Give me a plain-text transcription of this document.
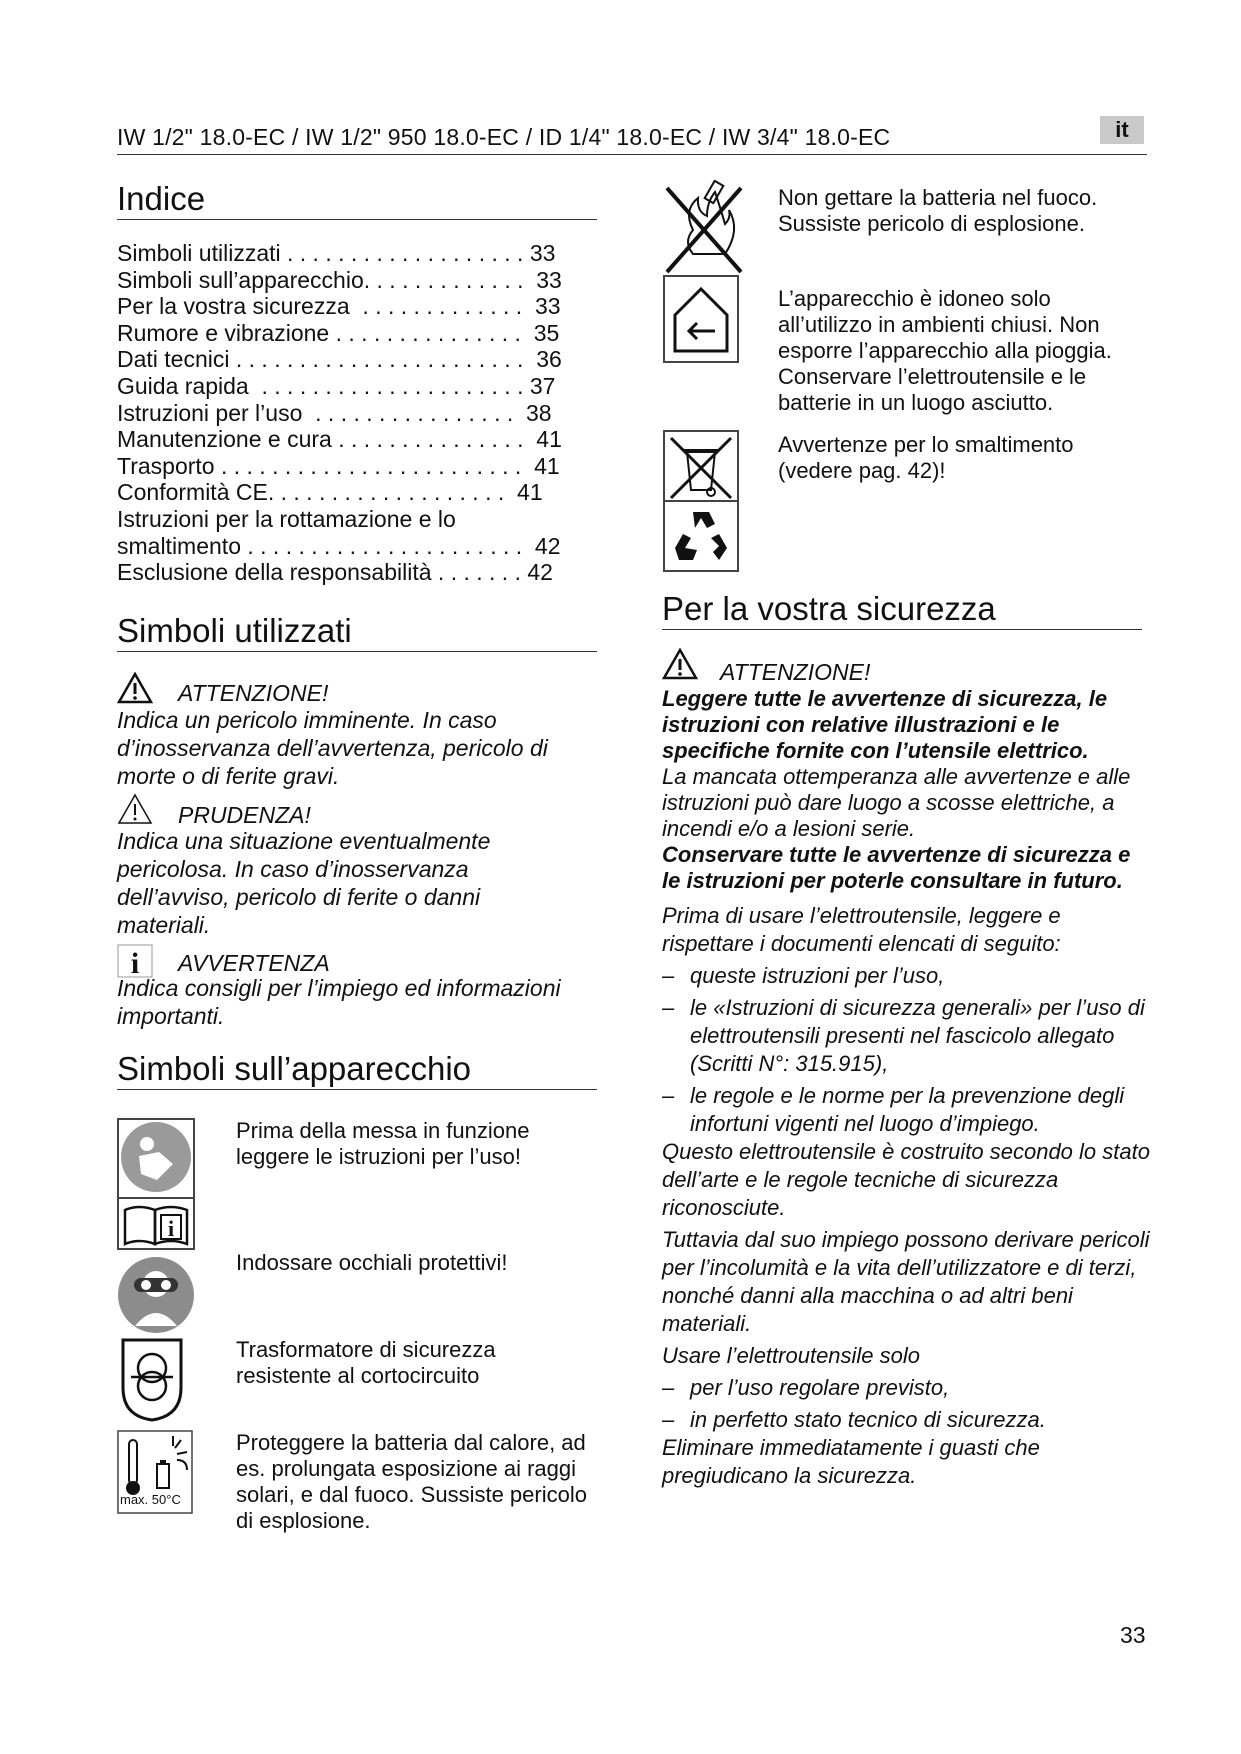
IW 1/2" 18.0-EC / IW 1/2" 950 18.0-EC / ID 1/4" 18.0-EC / IW 3/4" 18.0-EC	it
Indice
Simboli utilizzati . . . . . . . . . . . . . . . . . . . 33
Simboli sull’apparecchio. . . . . . . . . . . . .  33
Per la vostra sicurezza  . . . . . . . . . . . . .  33
Rumore e vibrazione . . . . . . . . . . . . . . .  35
Dati tecnici . . . . . . . . . . . . . . . . . . . . . . .  36
Guida rapida  . . . . . . . . . . . . . . . . . . . . . 37
Istruzioni per l’uso  . . . . . . . . . . . . . . . .  38
Manutenzione e cura . . . . . . . . . . . . . . .  41
Trasporto . . . . . . . . . . . . . . . . . . . . . . . .  41
Conformità CE. . . . . . . . . . . . . . . . . . .  41
Istruzioni per la rottamazione e lo
smaltimento . . . . . . . . . . . . . . . . . . . . . .  42
Esclusione della responsabilità . . . . . . . 42
Simboli utilizzati
ATTENZIONE!
Indica un pericolo imminente. In caso d’inosservanza dell’avvertenza, pericolo di morte o di ferite gravi.
PRUDENZA!
Indica una situazione eventualmente pericolosa. In caso d’inosservanza dell’avviso, pericolo di ferite o danni materiali.
i AVVERTENZA
Indica consigli per l’impiego ed informazioni importanti.
Simboli sull’apparecchio
i
Prima della messa in funzione leggere le istruzioni per l’uso!
Indossare occhiali protettivi!
Trasformatore di sicurezza resistente al cortocircuito
max. 50°C
Proteggere la batteria dal calore, ad es. prolungata esposizione ai raggi solari, e dal fuoco. Sussiste pericolo di esplosione.
Non gettare la batteria nel fuoco. Sussiste pericolo di esplosione.
L’apparecchio è idoneo solo all’utilizzo in ambienti chiusi. Non esporre l’apparecchio alla pioggia. Conservare l’elettroutensile e le batterie in un luogo asciutto.
Avvertenze per lo smaltimento (vedere pag. 42)!
Per la vostra sicurezza
ATTENZIONE!
Leggere tutte le avvertenze di sicurezza, le istruzioni con relative illustrazioni e le specifiche fornite con l’utensile elettrico.
La mancata ottemperanza alle avvertenze e alle istruzioni può dare luogo a scosse elettriche, a incendi e/o a lesioni serie.
Conservare tutte le avvertenze di sicurezza e le istruzioni per poterle consultare in futuro.
Prima di usare l’elettroutensile, leggere e rispettare i documenti elencati di seguito:
– queste istruzioni per l’uso,
– le «Istruzioni di sicurezza generali» per l’uso di elettroutensili presenti nel fascicolo allegato (Scritti N°: 315.915),
– le regole e le norme per la prevenzione degli infortuni vigenti nel luogo d’impiego.
Questo elettroutensile è costruito secondo lo stato dell’arte e le regole tecniche di sicurezza riconosciute.
Tuttavia dal suo impiego possono derivare pericoli per l’incolumità e la vita dell’utilizzatore e di terzi, nonché danni alla macchina o ad altri beni materiali.
Usare l’elettroutensile solo
– per l’uso regolare previsto,
– in perfetto stato tecnico di sicurezza.
Eliminare immediatamente i guasti che pregiudicano la sicurezza.
33
